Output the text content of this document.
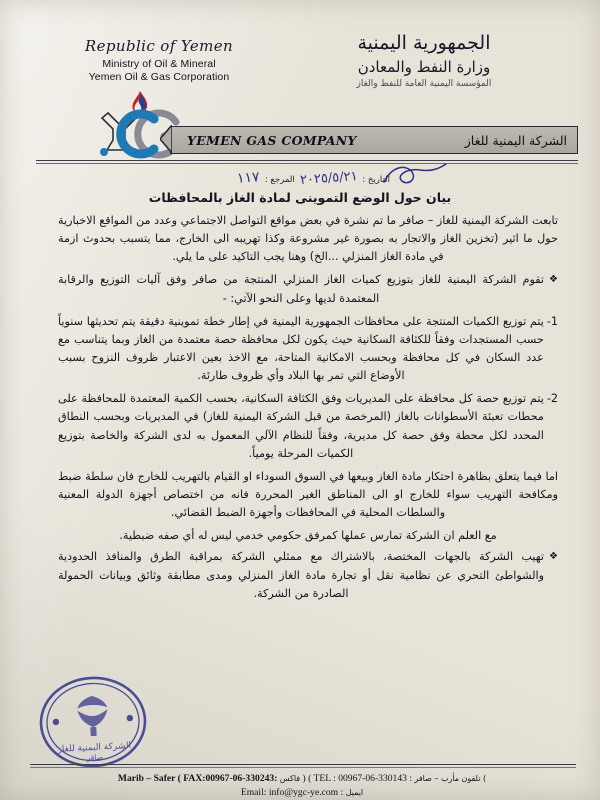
Republic of Yemen
Ministry of Oil & Mineral
Yemen Oil & Gas Corporation
الجمهورية اليمنية
وزارة النفط والمعادن
المؤسسة اليمنية العامة للنفط والغاز
YEMEN GAS COMPANY	الشركة اليمنية للغاز
التاريخ :
٢٠٢٥/٥/٢١
المرجع :
١١٧
بيان حول الوضع التموينى لمادة الغاز بالمحافظات

تابعت الشركة اليمنية للغاز – صافر ما تم نشرة في بعض مواقع التواصل الاجتماعي وعدد من المواقع الاخبارية حول ما اثير (تخزين الغاز والاتجار به بصورة غير مشروعة وكذا تهريبه الى الخارج، مما يتسبب بحدوث ازمة في مادة الغاز المنزلي ...الخ) وهنا يجب التاكيد على ما يلي.

❖
تقوم الشركة اليمنية للغاز بتوزيع كميات الغاز المنزلي المنتجة من صافر وفق آليات التوزيع والرقابة المعتمدة لديها وعلى النحو الآتي: -
1-
يتم توزيع الكميات المنتجة على محافظات الجمهورية اليمنية في إطار خطة تموينية دقيقة يتم تحديثها سنوياً حسب المستجدات وفقاً للكثافة السكانية حيث يكون لكل محافظة حصة معتمدة من الغاز وبما يتناسب مع عدد السكان في كل محافظة وبحسب الامكانية المتاحة، مع الاخذ بعين الاعتبار ظروف النزوح بسبب الأوضاع التي تمر بها البلاد وأي ظروف طارئة.
2-
يتم توزيع حصة كل محافظة على المديريات وفق الكثافة السكانية، بحسب الكمية المعتمدة للمحافظة على محطات تعبئة الأسطوانات بالغاز (المرخصة من قبل الشركة اليمنية للغاز) في المديريات وبحسب النطاق المحدد لكل محطة وفق حصة كل مديرية، وفقاً للنظام الآلي المعمول به لدى الشركة والخاصة بتوزيع الكميات المرحلة يومياً.

اما فيما يتعلق بظاهرة احتكار مادة الغاز وبيعها في السوق السوداء او القيام بالتهريب للخارج فان سلطة ضبط ومكافحة التهريب سواء للخارج او الى المناطق الغير المحررة فانه من اختصاص أجهزة الدولة المعنية والسلطات المحلية في المحافظات وأجهزة الضبط القضائي.

مع العلم ان الشركة تمارس عملها كمرفق حكومي خدمي ليس له أي صفه ضبطية.

❖
تهيب الشركة بالجهات المختصة، بالاشتراك مع ممثلي الشركة بمراقبة الطرق والمنافذ الحدودية والشواطئ التحري عن نظامية نقل أو تجارة مادة الغاز المنزلي ومدى مطابقة وثائق وبيانات الحمولة الصادرة من الشركة.
الشركة اليمنية للغاز
صافر
Marib – Safer ( FAX:00967-06-330243: فاكس ) ( TEL : 00967-06-330143 :	تلفون مأرب – صافر (
Email: info@ygc-ye.com : ايميل
